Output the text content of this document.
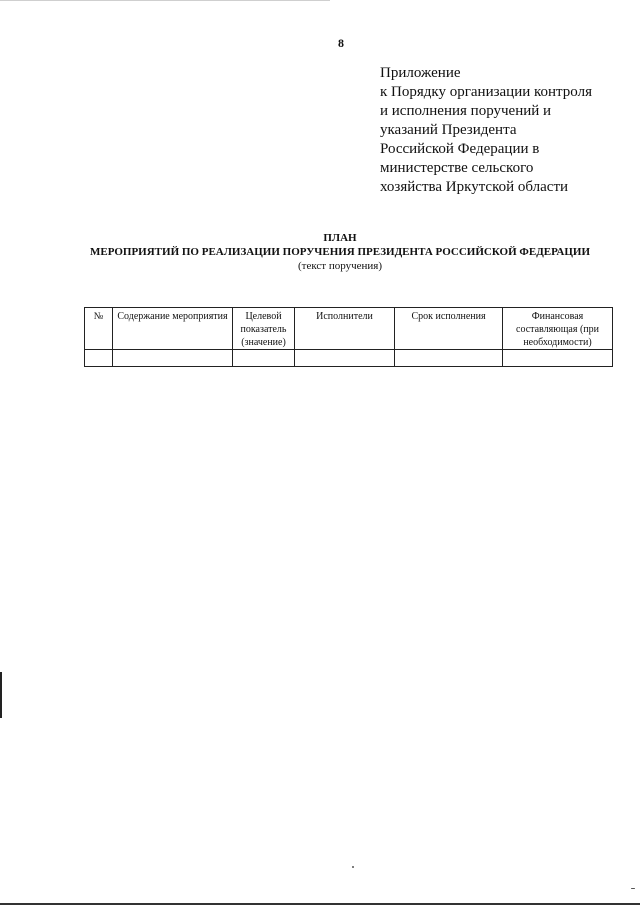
8
Приложение
к Порядку организации контроля
и исполнения поручений и
указаний Президента
Российской Федерации в
министерстве сельского
хозяйства Иркутской области
ПЛАН
МЕРОПРИЯТИЙ ПО РЕАЛИЗАЦИИ ПОРУЧЕНИЯ ПРЕЗИДЕНТА РОССИЙСКОЙ ФЕДЕРАЦИИ
(текст поручения)
№	Содержание мероприятия	Целевой показатель (значение)	Исполнители	Срок исполнения	Финансовая составляющая (при необходимости)
